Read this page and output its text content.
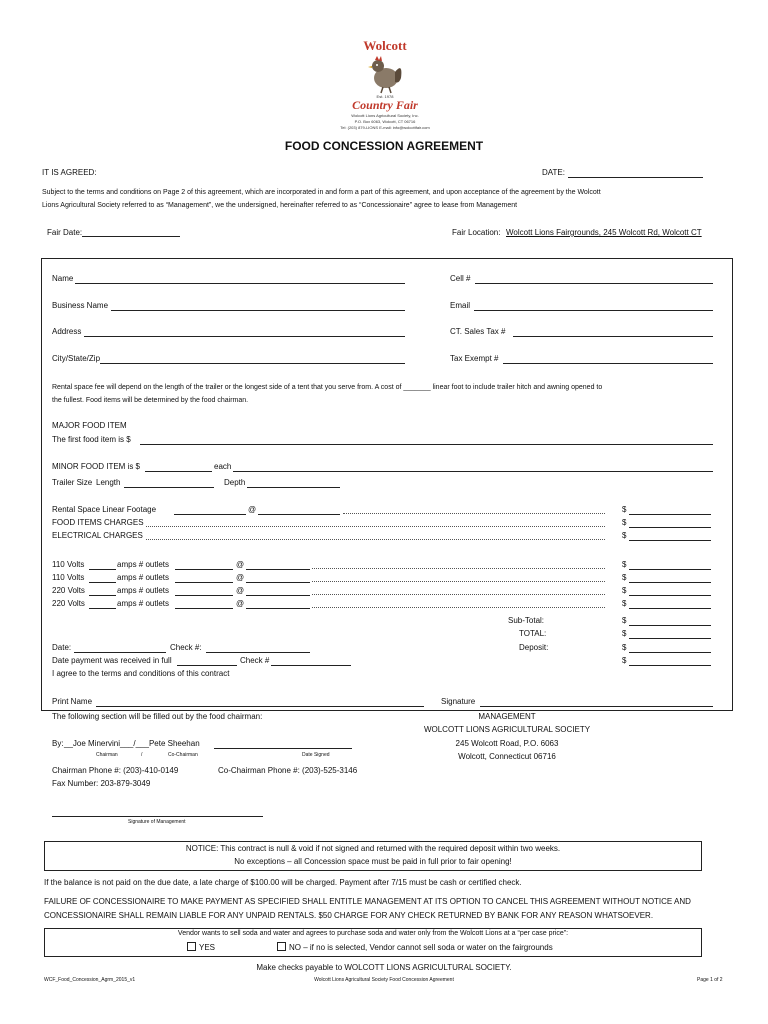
Wolcott
Est. 1978
Country Fair
Wolcott Lions Agricultural Society, Inc.
P.O. Box 6063, Wolcott, CT 06716
Tel: (203) 879-LIONS E-mail: info@wolcottfair.com
FOOD CONCESSION AGREEMENT
IT IS AGREED:	DATE:
Subject to the terms and conditions on Page 2 of this agreement, which are incorporated in and form a part of this agreement, and upon acceptance of the agreement by the Wolcott
Lions Agricultural Society referred to as “Management”, we the undersigned, hereinafter referred to as “Concessionaire” agree to lease from Management
Fair Date:	Fair Location: Wolcott Lions Fairgrounds, 245 Wolcott Rd, Wolcott CT
Name	Cell #
Business Name	Email
Address	CT. Sales Tax #
City/State/Zip	Tax Exempt #
Rental space fee will depend on the length of the trailer or the longest side of a tent that you serve from. A cost of _______ linear foot to include trailer hitch and awning opened to
the fullest. Food items will be determined by the food chairman.
MAJOR FOOD ITEM
The first food item is $
MINOR FOOD ITEM is $	each
Trailer Size Length	Depth
Rental Space Linear Footage	@	$
FOOD ITEMS CHARGES	$
ELECTRICAL CHARGES	$
110 Volts	amps # outlets	@	$
110 Volts	amps # outlets	@	$
220 Volts	amps # outlets	@	$
220 Volts	amps # outlets	@	$
Sub-Total:	$
TOTAL:	$
Date:	Check #:	Deposit:	$
Date payment was received in full	Check #	$
I agree to the terms and conditions of this contract
Print Name	Signature
The following section will be filled out by the food chairman:	MANAGEMENT
WOLCOTT LIONS AGRICULTURAL SOCIETY
245 Wolcott Road, P.O. 6063
Wolcott, Connecticut 06716
By: __Joe Minervini___/___Pete Sheehan
Chairman	/	Co-Chairman	Date Signed
Chairman Phone #: (203)-410-0149	Co-Chairman Phone #: (203)-525-3146
Fax Number: 203-879-3049
Signature of Management
NOTICE: This contract is null & void if not signed and returned with the required deposit within two weeks.
No exceptions – all Concession space must be paid in full prior to fair opening!
If the balance is not paid on the due date, a late charge of $100.00 will be charged. Payment after 7/15 must be cash or certified check.
FAILURE OF CONCESSIONAIRE TO MAKE PAYMENT AS SPECIFIED SHALL ENTITLE MANAGEMENT AT ITS OPTION TO CANCEL THIS AGREEMENT WITHOUT NOTICE AND
CONCESSIONAIRE SHALL REMAIN LIABLE FOR ANY UNPAID RENTALS. $50 CHARGE FOR ANY CHECK RETURNED BY BANK FOR ANY REASON WHATSOEVER.
Vendor wants to sell soda and water and agrees to purchase soda and water only from the Wolcott Lions at a “per case price”:
YES	NO – if no is selected, Vendor cannot sell soda or water on the fairgrounds
Make checks payable to WOLCOTT LIONS AGRICULTURAL SOCIETY.
WCF_Food_Concession_Agrm_2015_v1	Wolcott Lions Agricultural Society Food Concession Agreement	Page 1 of 2
